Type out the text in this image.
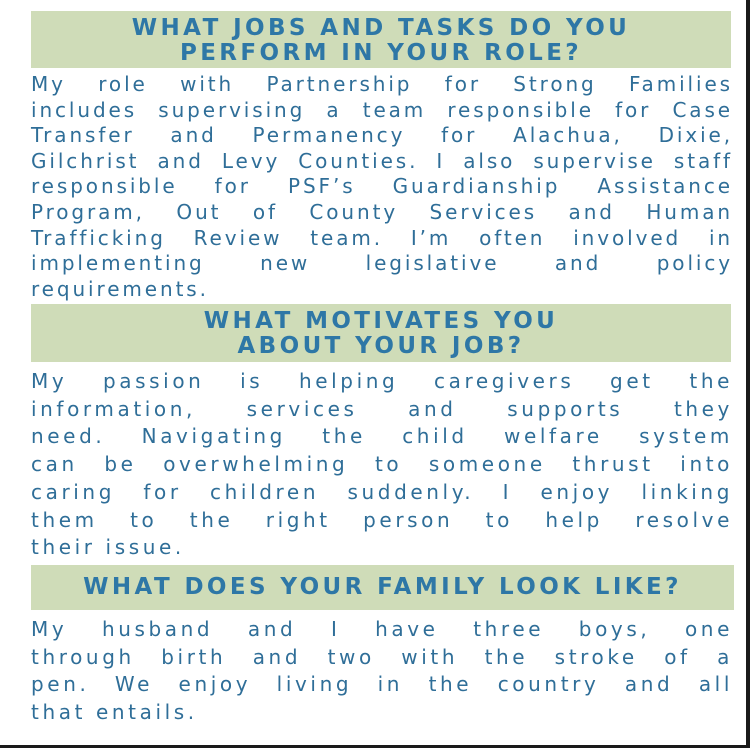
WHAT JOBS AND TASKS DO YOU
PERFORM IN YOUR ROLE?
My role with Partnership for Strong Families
includes supervising a team responsible for Case
Transfer and Permanency for Alachua, Dixie,
Gilchrist and Levy Counties. I also supervise staff
responsible for PSF’s Guardianship Assistance
Program, Out of County Services and Human
Trafficking Review team. I’m often involved in
implementing new legislative and policy
requirements.
WHAT MOTIVATES YOU
ABOUT YOUR JOB?
My passion is helping caregivers get the
information, services and supports they
need. Navigating the child welfare system
can be overwhelming to someone thrust into
caring for children suddenly. I enjoy linking
them to the right person to help resolve
their issue.
WHAT DOES YOUR FAMILY LOOK LIKE?
My husband and I have three boys, one
through birth and two with the stroke of a
pen. We enjoy living in the country and all
that entails.
